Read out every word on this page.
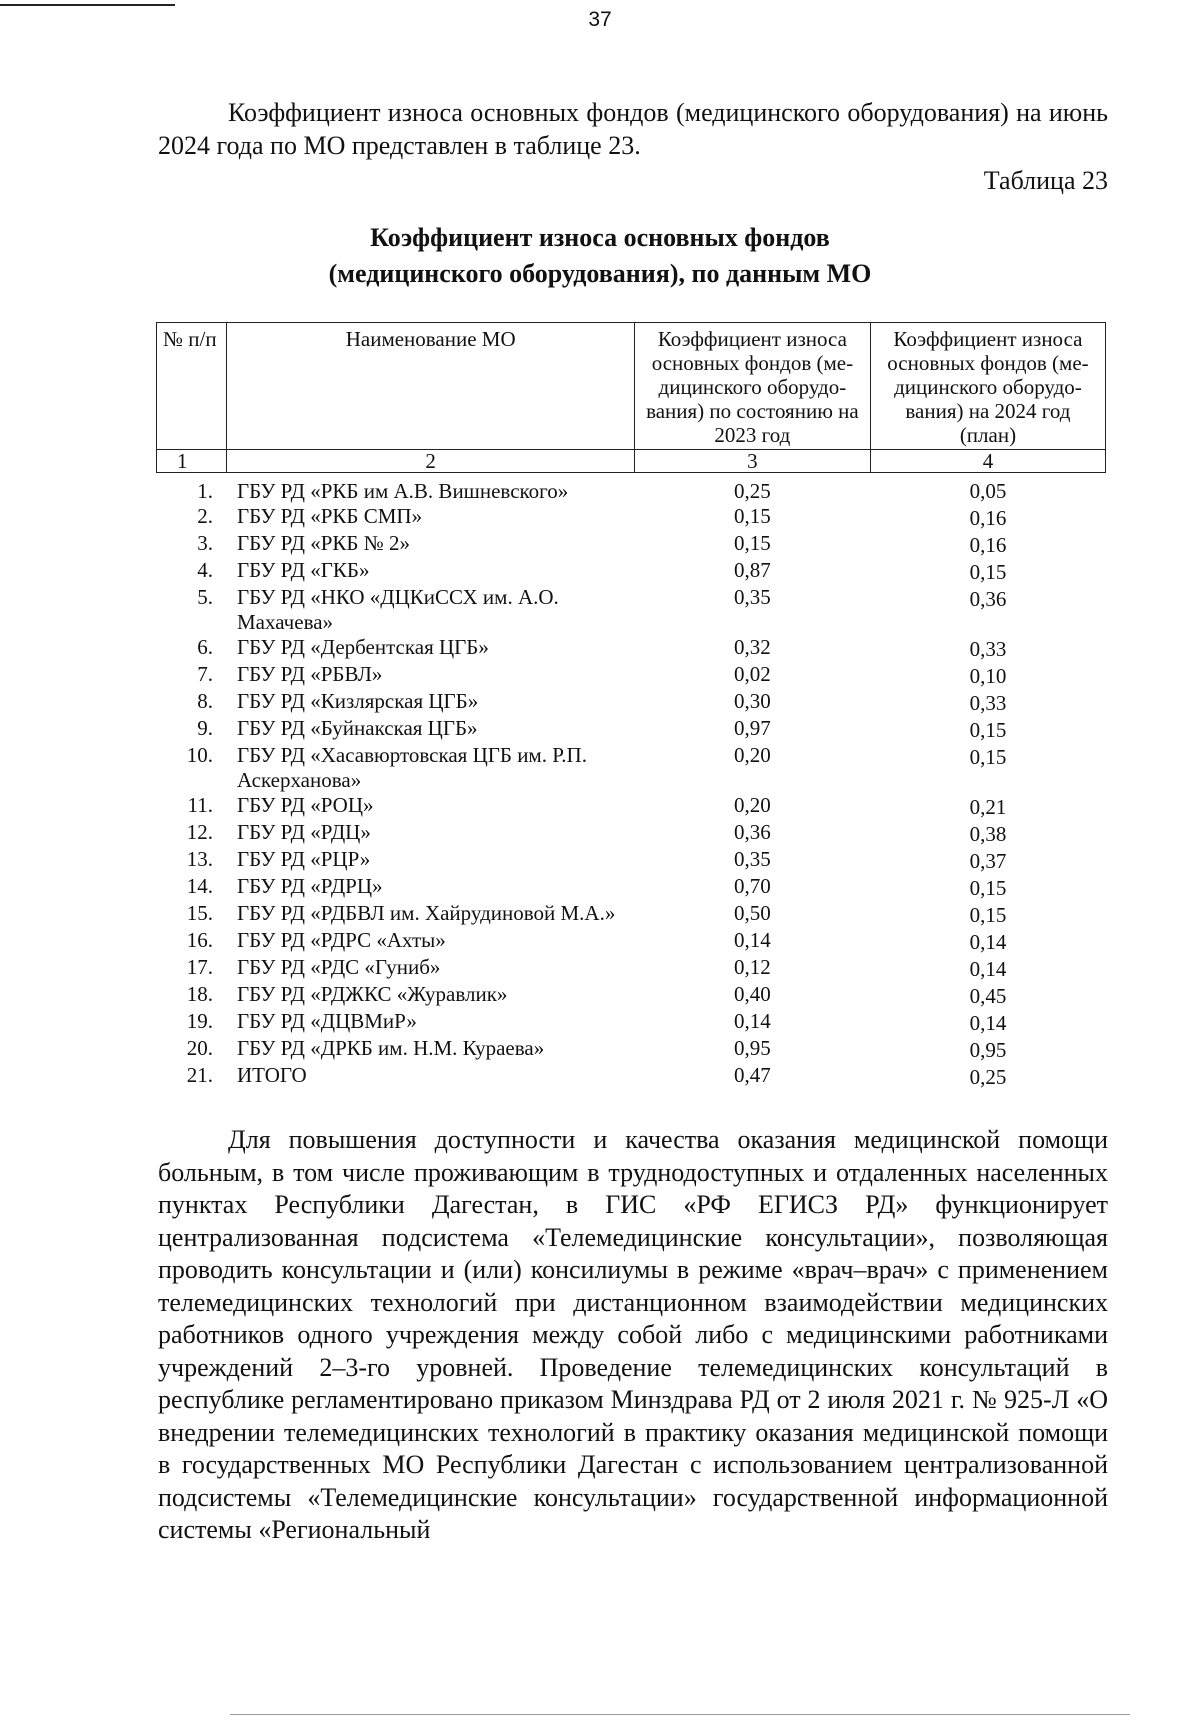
37

Коэффициент износа основных фондов (медицинского оборудования) на июнь 2024 года по МО представлен в таблице 23.

Таблица 23
Коэффициент износа основных фондов
(медицинского оборудования), по данным МО
№ п/п	Наименование МО	Коэффициент износа основных фондов (ме-дицинского оборудо-вания) по состоянию на 2023 год	Коэффициент износа основных фондов (ме-дицинского оборудо-вания) на 2024 год (план)
1	2	3	4
1.	ГБУ РД «РКБ им А.В. Вишневского»	0,25	0,05
2.	ГБУ РД «РКБ СМП»	0,15	0,16
3.	ГБУ РД «РКБ № 2»	0,15	0,16
4.	ГБУ РД «ГКБ»	0,87	0,15
5.	ГБУ РД «НКО «ДЦКиССХ им. А.О. Махачева»	0,35	0,36
6.	ГБУ РД «Дербентская ЦГБ»	0,32	0,33
7.	ГБУ РД «РБВЛ»	0,02	0,10
8.	ГБУ РД «Кизлярская ЦГБ»	0,30	0,33
9.	ГБУ РД «Буйнакская ЦГБ»	0,97	0,15
10.	ГБУ РД «Хасавюртовская ЦГБ им. Р.П. Аскерханова»	0,20	0,15
11.	ГБУ РД «РОЦ»	0,20	0,21
12.	ГБУ РД «РДЦ»	0,36	0,38
13.	ГБУ РД «РЦР»	0,35	0,37
14.	ГБУ РД «РДРЦ»	0,70	0,15
15.	ГБУ РД «РДБВЛ им. Хайрудиновой М.А.»	0,50	0,15
16.	ГБУ РД «РДРС «Ахты»	0,14	0,14
17.	ГБУ РД «РДС «Гуниб»	0,12	0,14
18.	ГБУ РД «РДЖКС «Журавлик»	0,40	0,45
19.	ГБУ РД «ДЦВМиР»	0,14	0,14
20.	ГБУ РД «ДРКБ им. Н.М. Кураева»	0,95	0,95
21.	ИТОГО	0,47	0,25

Для повышения доступности и качества оказания медицинской помощи больным, в том числе проживающим в труднодоступных и отдаленных населенных пунктах Республики Дагестан, в ГИС «РФ ЕГИСЗ РД» функционирует централизованная подсистема «Телемедицинские консультации», позволяющая проводить консультации и (или) консилиумы в режиме «врач–врач» с применением телемедицинских технологий при дистанционном взаимодействии медицинских работников одного учреждения между собой либо с медицинскими работниками учреждений 2–3-го уровней. Проведение телемедицинских консультаций в республике регламентировано приказом Минздрава РД от 2 июля 2021 г. № 925-Л «О внедрении телемедицинских технологий в практику оказания медицинской помощи в государственных МО Республики Дагестан с использованием централизованной подсистемы «Телемедицинские консультации» государственной информационной системы «Региональный
